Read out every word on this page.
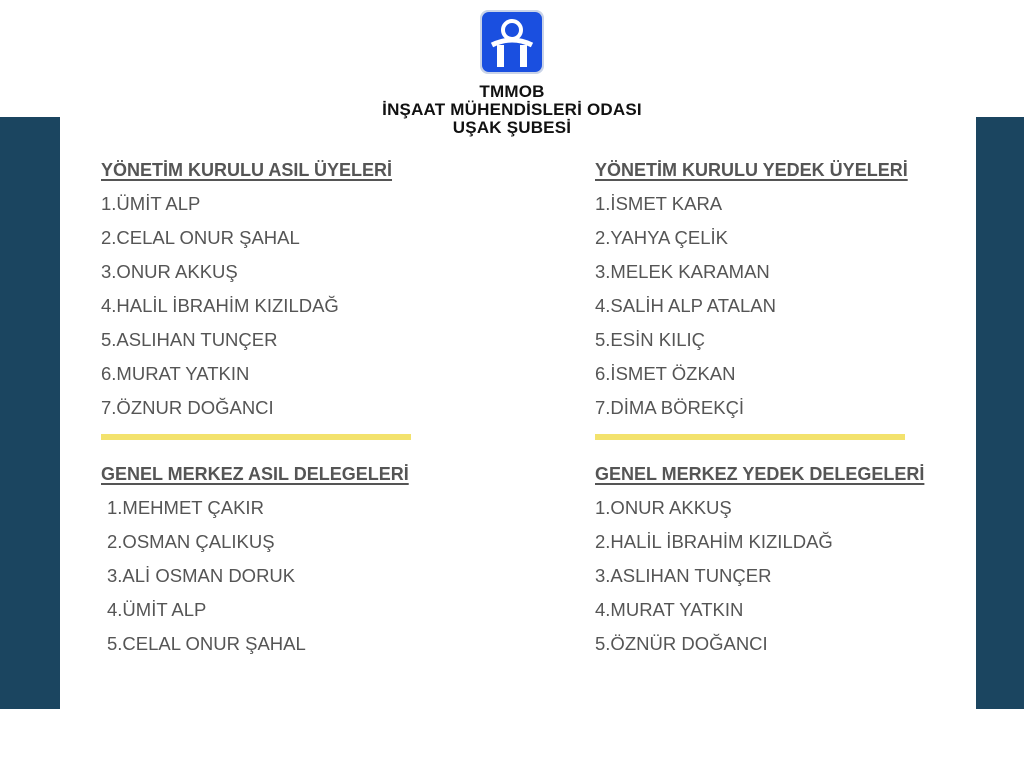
TMMOB
İNŞAAT MÜHENDİSLERİ ODASI
UŞAK ŞUBESİ
YÖNETİM KURULU ASIL ÜYELERİ
1.ÜMİT ALP
2.CELAL ONUR ŞAHAL
3.ONUR AKKUŞ
4.HALİL İBRAHİM KIZILDAĞ
5.ASLIHAN TUNÇER
6.MURAT YATKIN
7.ÖZNUR DOĞANCI
GENEL MERKEZ ASIL DELEGELERİ
1.MEHMET ÇAKIR
2.OSMAN ÇALIKUŞ
3.ALİ OSMAN DORUK
4.ÜMİT ALP
5.CELAL ONUR ŞAHAL
YÖNETİM KURULU YEDEK ÜYELERİ
1.İSMET KARA
2.YAHYA ÇELİK
3.MELEK KARAMAN
4.SALİH ALP ATALAN
5.ESİN KILIÇ
6.İSMET ÖZKAN
7.DİMA BÖREKÇİ
GENEL MERKEZ YEDEK DELEGELERİ
1.ONUR AKKUŞ
2.HALİL İBRAHİM KIZILDAĞ
3.ASLIHAN TUNÇER
4.MURAT YATKIN
5.ÖZNÜR DOĞANCI
